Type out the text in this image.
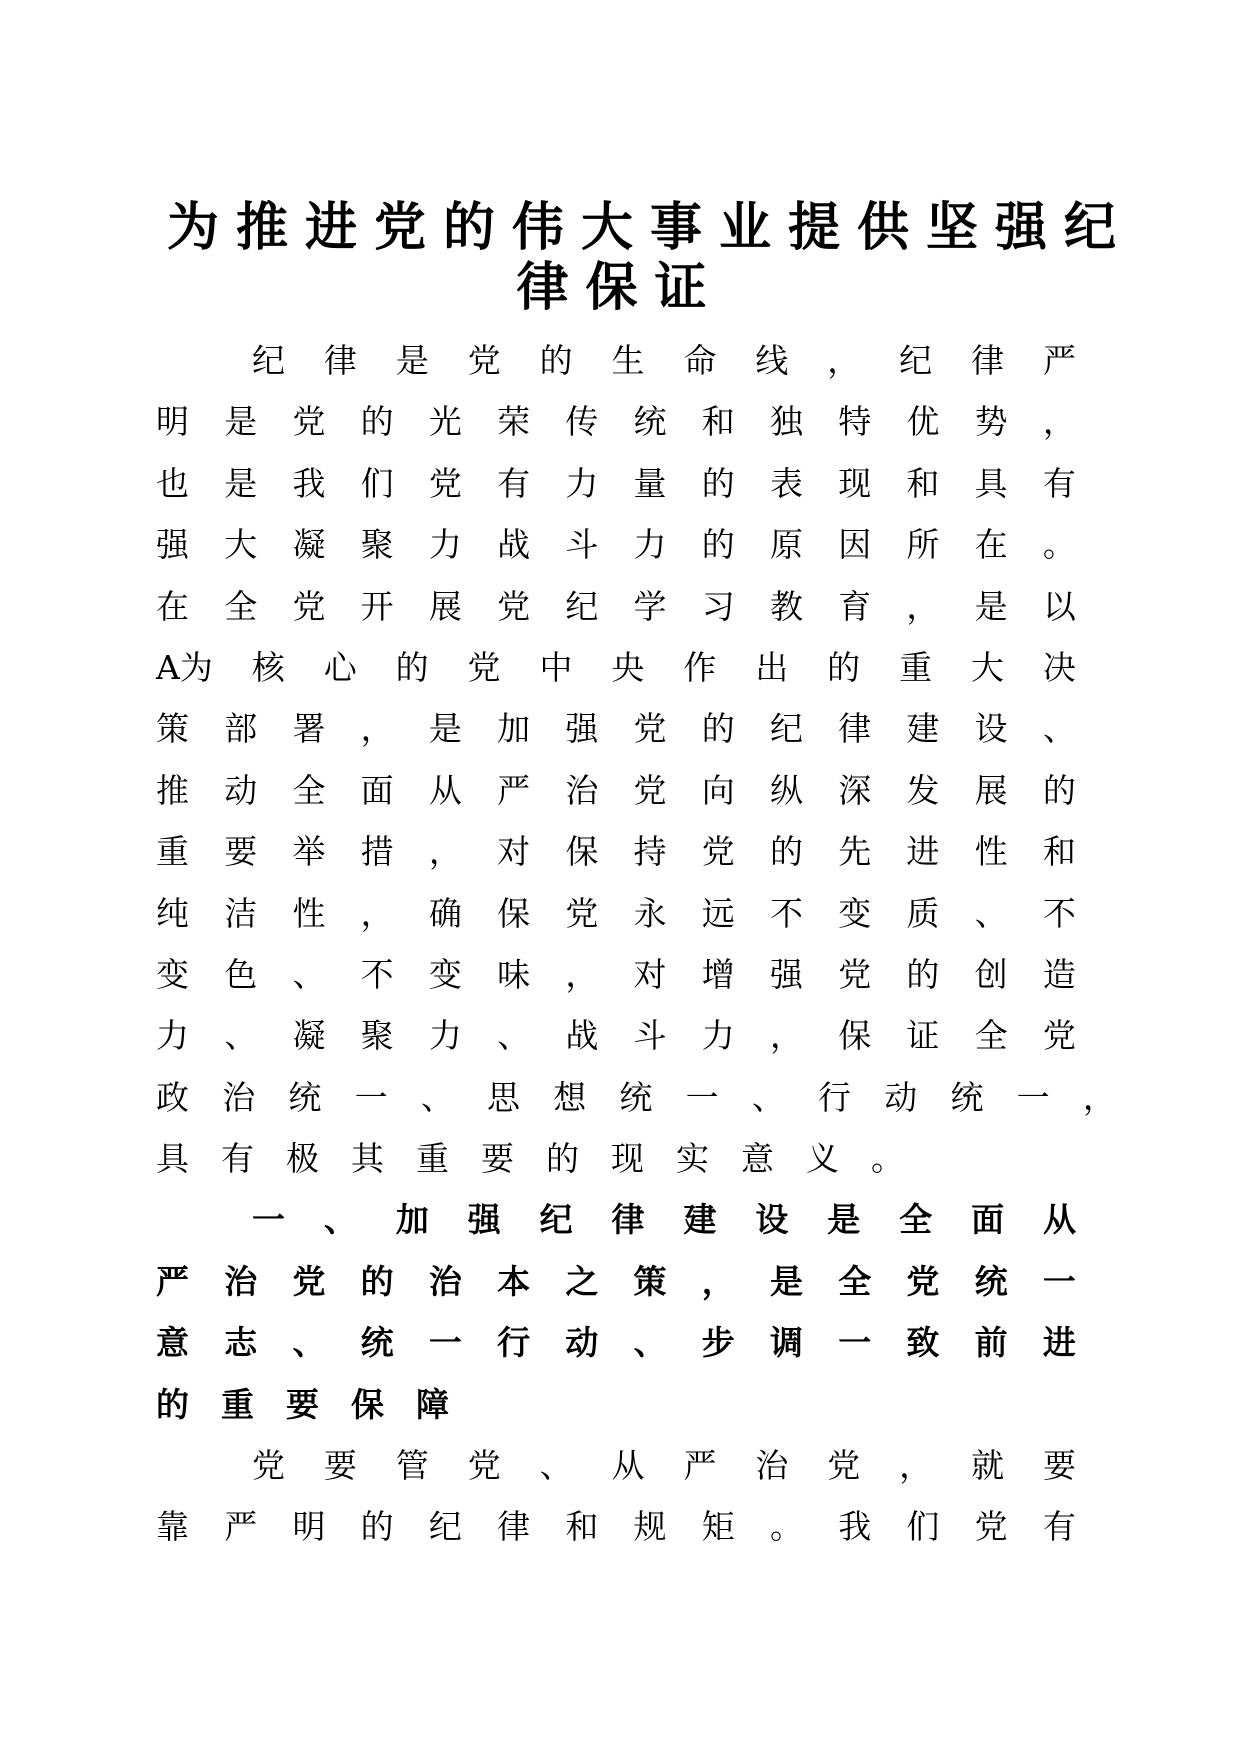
为推进党的伟大事业提供坚强纪
律保证
纪 律 是 党 的 生 命 线 ， 纪 律 严
明 是 党 的 光 荣 传 统 和 独 特 优 势 ，
也 是 我 们 党 有 力 量 的 表 现 和 具 有
强 大 凝 聚 力 战 斗 力 的 原 因 所 在 。
在 全 党 开 展 党 纪 学 习 教 育 ， 是 以
A为 核 心 的 党 中 央 作 出 的 重 大 决
策 部 署 ， 是 加 强 党 的 纪 律 建 设 、
推 动 全 面 从 严 治 党 向 纵 深 发 展 的
重 要 举 措 ， 对 保 持 党 的 先 进 性 和
纯 洁 性 ， 确 保 党 永 远 不 变 质 、 不
变 色 、 不 变 味 ， 对 增 强 党 的 创 造
力 、 凝 聚 力 、 战 斗 力 ， 保 证 全 党
政 治 统 一 、 思 想 统 一 、 行 动 统 一 ，
具 有 极 其 重 要 的 现 实 意 义 。
一 、 加 强 纪 律 建 设 是 全 面 从
严 治 党 的 治 本 之 策 ， 是 全 党 统 一
意 志 、 统 一 行 动 、 步 调 一 致 前 进
的 重 要 保 障
党 要 管 党 、 从 严 治 党 ， 就 要
靠 严 明 的 纪 律 和 规 矩 。 我 们 党 有
